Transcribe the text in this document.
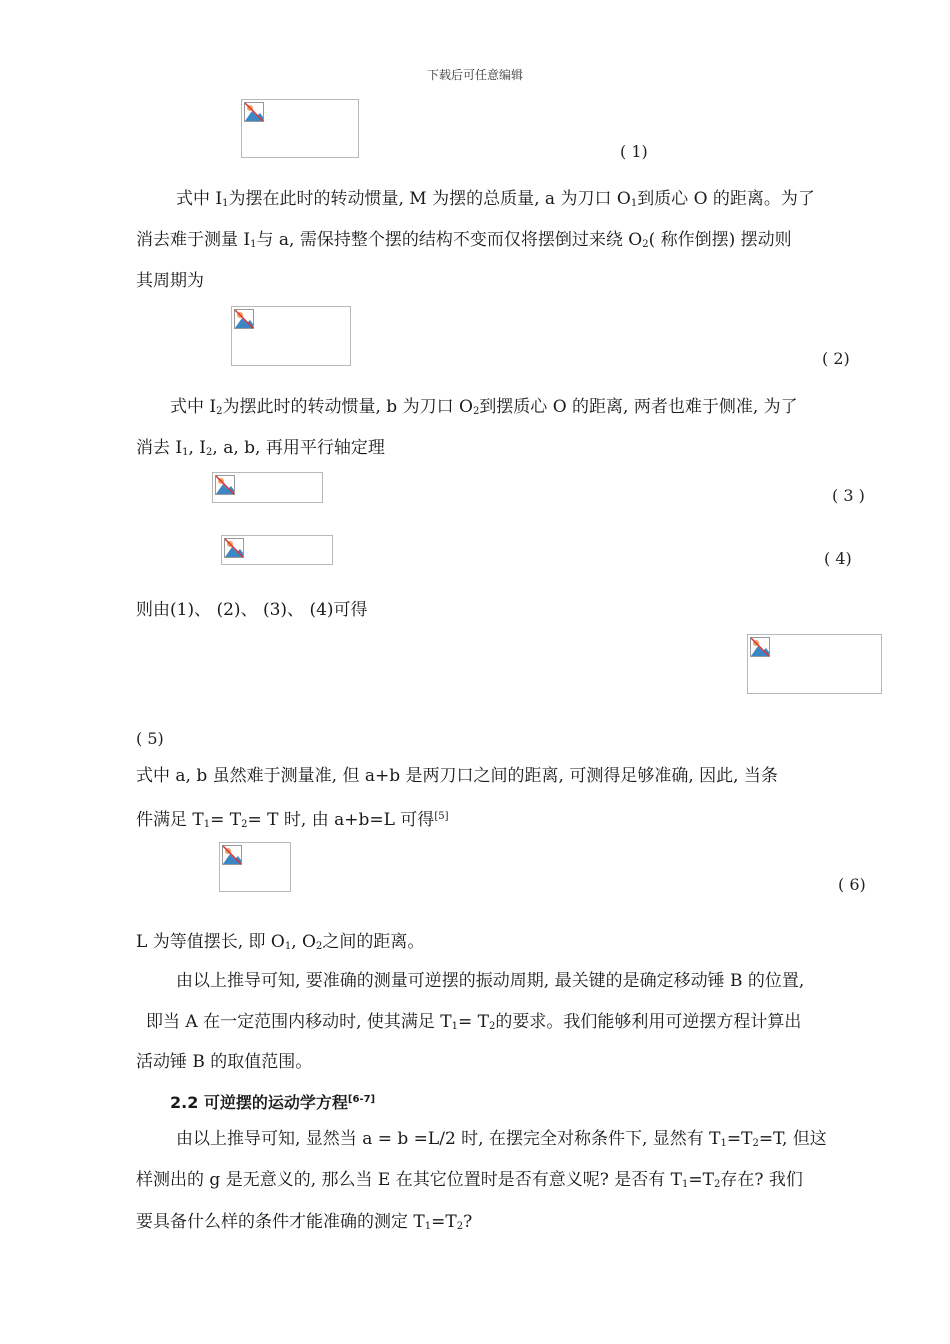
下载后可任意编辑
( 1)
式中 $I_1$为摆在此时的转动惯量, M 为摆的总质量, a 为刀口 $O_1$到质心 O 的距离。为了
消去难于测量 $I_1$与 a, 需保持整个摆的结构不变而仅将摆倒过来绕 $O_2$( 称作倒摆) 摆动则
其周期为
( 2)
式中 $I_2$为摆此时的转动惯量, b 为刀口 $O_2$到摆质心 O 的距离, 两者也难于侧准, 为了
消去 $I_1$, $I_2$, a, b, 再用平行轴定理
( 3 )
( 4)
则由(1)、 (2)、 (3)、 (4)可得
( 5)
式中 a, b 虽然难于测量准, 但 a+b 是两刀口之间的距离, 可测得足够准确, 因此, 当条
件满足 $T_1= T_2= T$ 时, 由 a+b=L 可得[5]
( 6)
L 为等值摆长, 即 $O_1$, $O_2$之间的距离。
由以上推导可知, 要准确的测量可逆摆的振动周期, 最关键的是确定移动锤 B 的位置,
即当 A 在一定范围内移动时, 使其满足 $T_1= T_2$的要求。我们能够利用可逆摆方程计算出
活动锤 B 的取值范围。
2.2 可逆摆的运动学方程[6-7]
由以上推导可知, 显然当 a = b =L/2 时, 在摆完全对称条件下, 显然有 $T_1=T_2=T$, 但这
样测出的 g 是无意义的, 那么当 E 在其它位置时是否有意义呢? 是否有 $T_1=T_2$存在? 我们
要具备什么样的条件才能准确的测定 $T_1=T_2$?
